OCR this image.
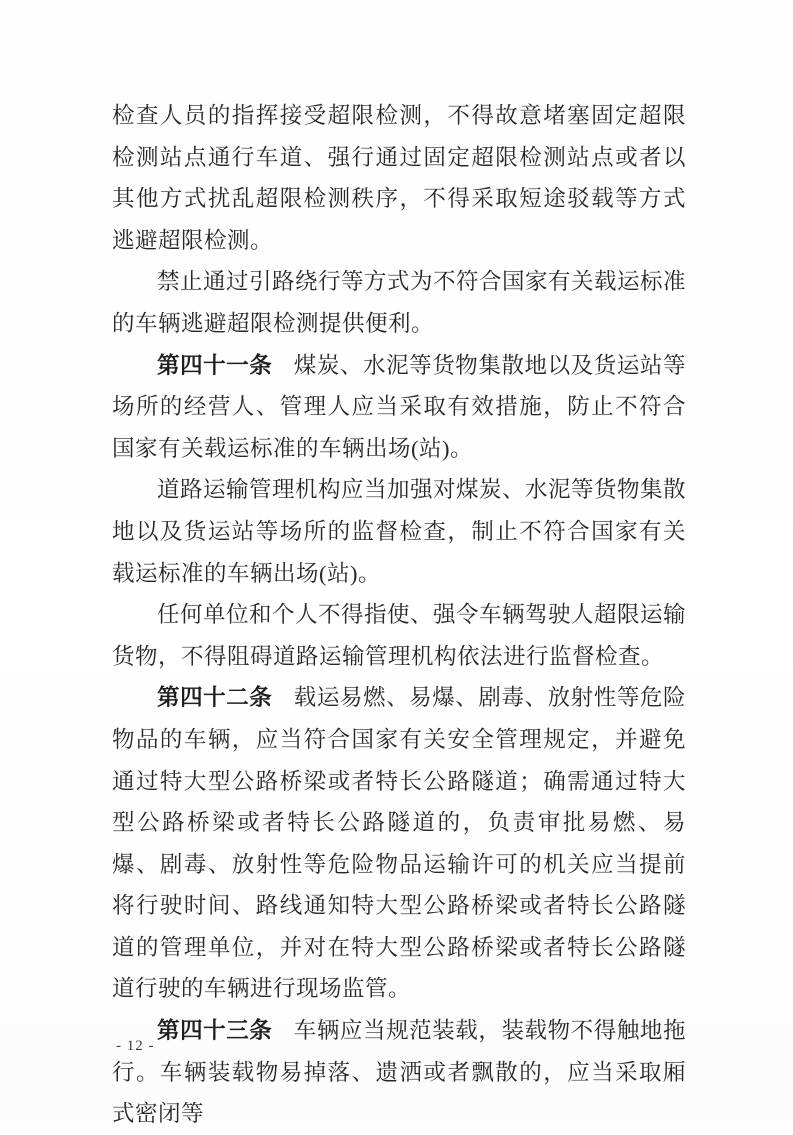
检查人员的指挥接受超限检测，不得故意堵塞固定超限检测站点通行车道、强行通过固定超限检测站点或者以其他方式扰乱超限检测秩序，不得采取短途驳载等方式逃避超限检测。

禁止通过引路绕行等方式为不符合国家有关载运标准的车辆逃避超限检测提供便利。

第四十一条 煤炭、水泥等货物集散地以及货运站等场所的经营人、管理人应当采取有效措施，防止不符合国家有关载运标准的车辆出场(站)。

道路运输管理机构应当加强对煤炭、水泥等货物集散地以及货运站等场所的监督检查，制止不符合国家有关载运标准的车辆出场(站)。

任何单位和个人不得指使、强令车辆驾驶人超限运输货物，不得阻碍道路运输管理机构依法进行监督检查。

第四十二条 载运易燃、易爆、剧毒、放射性等危险物品的车辆，应当符合国家有关安全管理规定，并避免通过特大型公路桥梁或者特长公路隧道；确需通过特大型公路桥梁或者特长公路隧道的，负责审批易燃、易爆、剧毒、放射性等危险物品运输许可的机关应当提前将行驶时间、路线通知特大型公路桥梁或者特长公路隧道的管理单位，并对在特大型公路桥梁或者特长公路隧道行驶的车辆进行现场监管。

第四十三条 车辆应当规范装载，装载物不得触地拖行。车辆装载物易掉落、遗洒或者飘散的，应当采取厢式密闭等

- 12 -
